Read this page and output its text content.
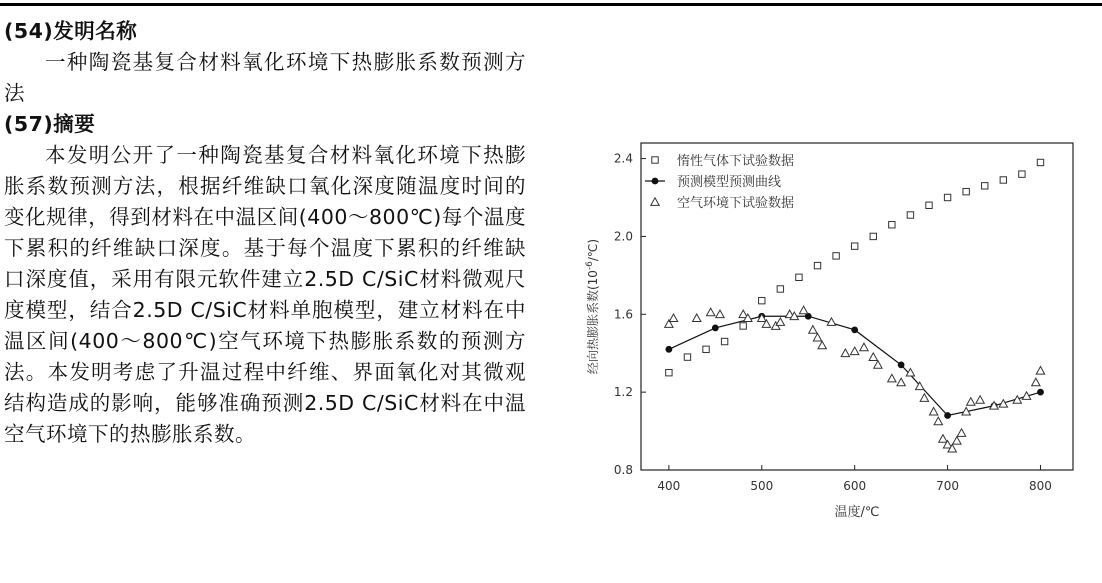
(54)发明名称

一种陶瓷基复合材料氧化环境下热膨胀系数预测方法

(57)摘要

本发明公开了一种陶瓷基复合材料氧化环境下热膨胀系数预测方法，根据纤维缺口氧化深度随温度时间的变化规律，得到材料在中温区间(400～800℃)每个温度下累积的纤维缺口深度。基于每个温度下累积的纤维缺口深度值，采用有限元软件建立2.5D C/SiC材料微观尺度模型，结合2.5D C/SiC材料单胞模型，建立材料在中温区间(400～800℃)空气环境下热膨胀系数的预测方法。本发明考虑了升温过程中纤维、界面氧化对其微观结构造成的影响，能够准确预测2.5D C/SiC材料在中温空气环境下的热膨胀系数。

400	500	600	700	800
0.8
1.2
1.6
2.0
2.4
温度/℃
经向热膨胀系数$(10^{-6}/℃)$
惰性气体下试验数据
预测模型预测曲线
空气环境下试验数据
